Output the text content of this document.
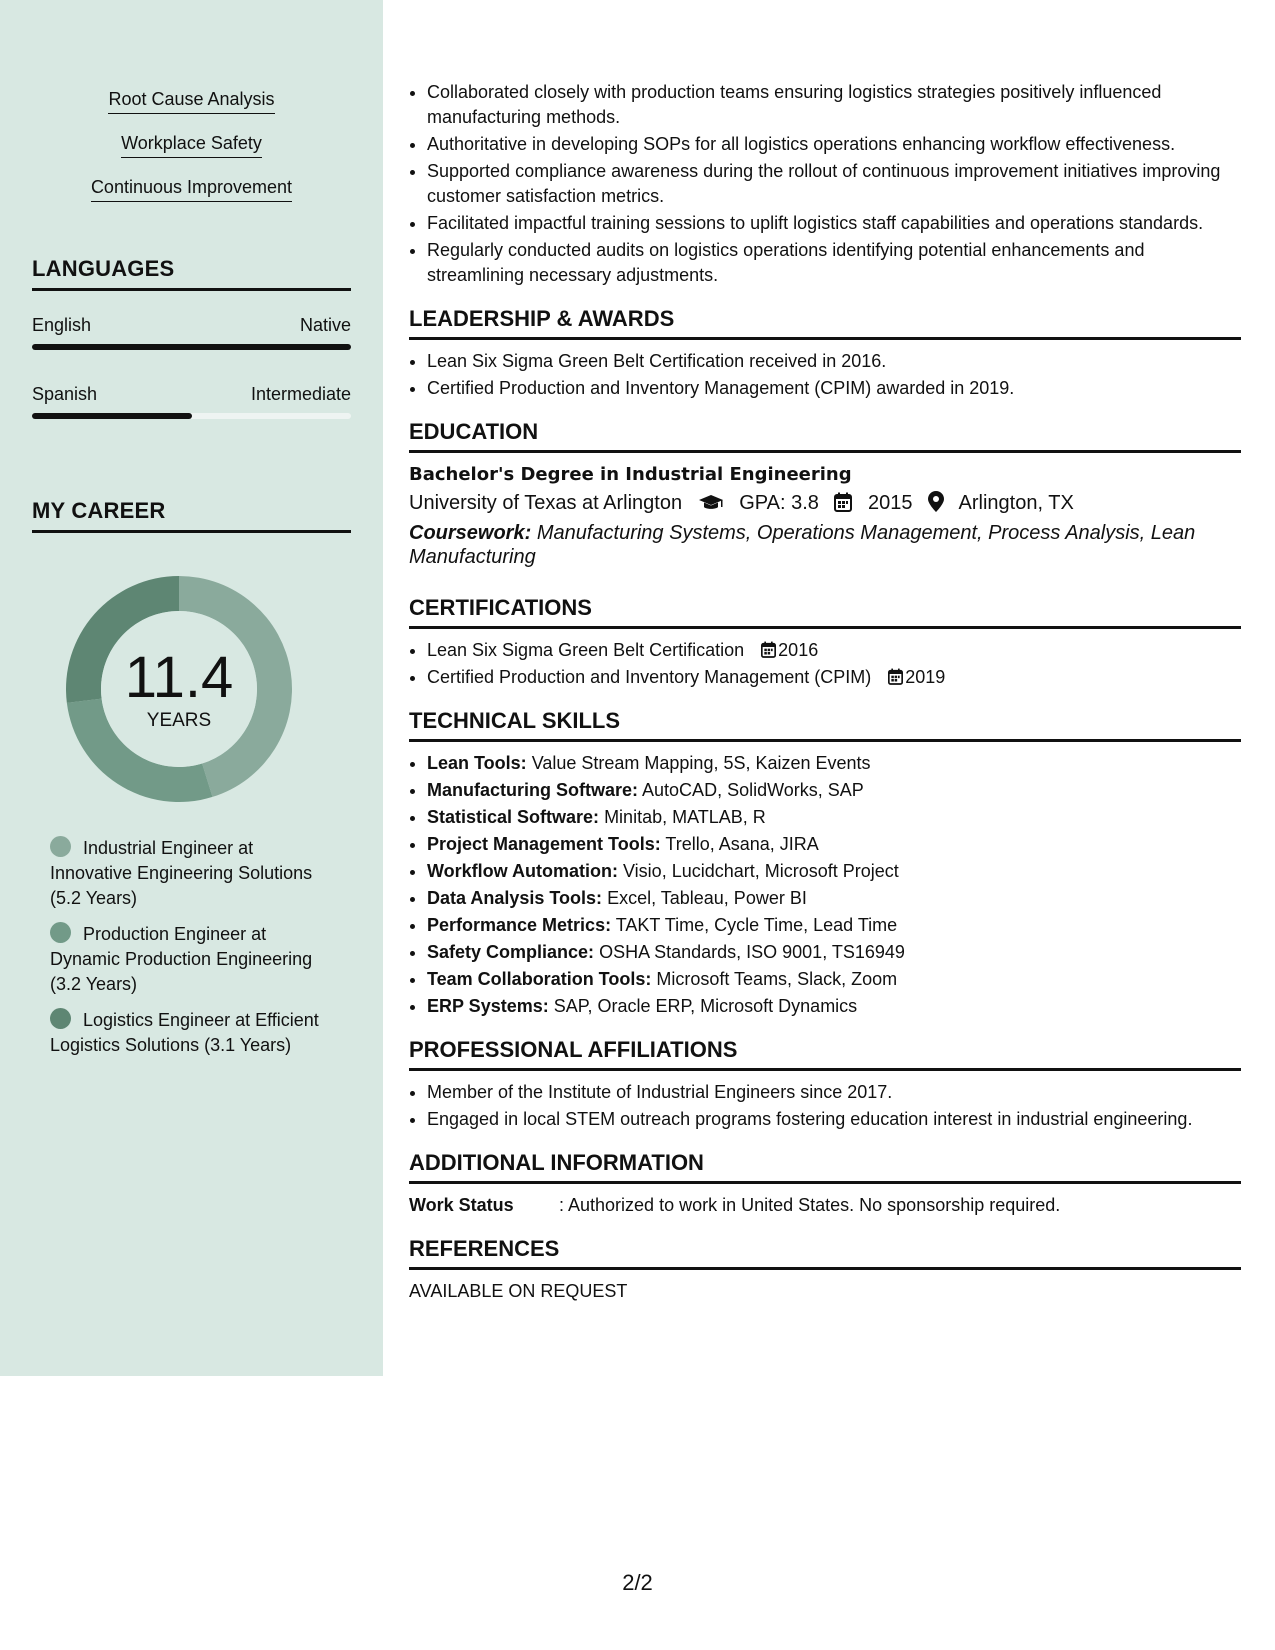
Root Cause Analysis
Workplace Safety
Continuous Improvement
LANGUAGES
English	Native
Spanish	Intermediate
MY CAREER
11.4
YEARS
Industrial Engineer at Innovative Engineering Solutions (5.2 Years)
Production Engineer at Dynamic Production Engineering (3.2 Years)
Logistics Engineer at Efficient Logistics Solutions (3.1 Years)
• Collaborated closely with production teams ensuring logistics strategies positively influenced manufacturing methods.
• Authoritative in developing SOPs for all logistics operations enhancing workflow effectiveness.
• Supported compliance awareness during the rollout of continuous improvement initiatives improving customer satisfaction metrics.
• Facilitated impactful training sessions to uplift logistics staff capabilities and operations standards.
• Regularly conducted audits on logistics operations identifying potential enhancements and streamlining necessary adjustments.
LEADERSHIP & AWARDS
• Lean Six Sigma Green Belt Certification received in 2016.
• Certified Production and Inventory Management (CPIM) awarded in 2019.
EDUCATION
Bachelor's Degree in Industrial Engineering
University of Texas at Arlington	GPA: 3.8 2015 Arlington, TX
Coursework: Manufacturing Systems, Operations Management, Process Analysis, Lean Manufacturing
CERTIFICATIONS
• Lean Six Sigma Green Belt Certification 2016
• Certified Production and Inventory Management (CPIM) 2019
TECHNICAL SKILLS
• Lean Tools: Value Stream Mapping, 5S, Kaizen Events
• Manufacturing Software: AutoCAD, SolidWorks, SAP
• Statistical Software: Minitab, MATLAB, R
• Project Management Tools: Trello, Asana, JIRA
• Workflow Automation: Visio, Lucidchart, Microsoft Project
• Data Analysis Tools: Excel, Tableau, Power BI
• Performance Metrics: TAKT Time, Cycle Time, Lead Time
• Safety Compliance: OSHA Standards, ISO 9001, TS16949
• Team Collaboration Tools: Microsoft Teams, Slack, Zoom
• ERP Systems: SAP, Oracle ERP, Microsoft Dynamics
PROFESSIONAL AFFILIATIONS
• Member of the Institute of Industrial Engineers since 2017.
• Engaged in local STEM outreach programs fostering education interest in industrial engineering.
ADDITIONAL INFORMATION
Work Status	: Authorized to work in United States. No sponsorship required.
REFERENCES
AVAILABLE ON REQUEST
2/2
